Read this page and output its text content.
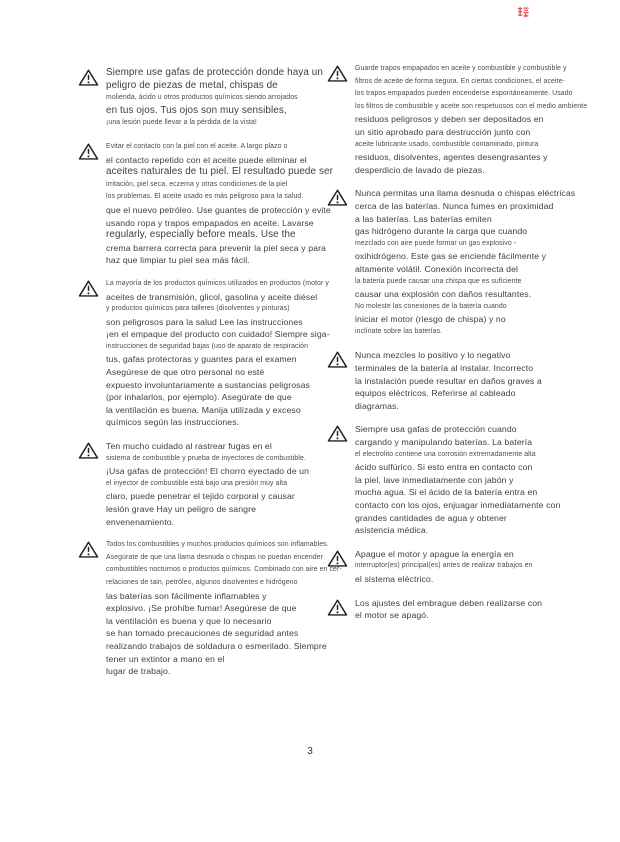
Siempre use gafas de protección donde haya un
peligro de piezas de metal, chispas de
molienda, ácido u otros productos químicos siendo arrojados
en tus ojos. Tus ojos son muy sensibles,
¡una lesión puede llevar a la pérdida de la vista!
Evitar el contacto con la piel con el aceite. A largo plazo o
el contacto repetido con el aceite puede eliminar el
aceites naturales de tu piel. El resultado puede ser
irritación, piel seca, eczema y otras condiciones de la piel
los problemas. El aceite usado es más peligroso para la salud.
que el nuevo petróleo. Use guantes de protección y evite
usando ropa y trapos empapados en aceite. Lavarse
regularly, especially before meals. Use the
crema barrera correcta para prevenir la piel seca y para
haz que limpiar tu piel sea más fácil.
La mayoría de los productos químicos utilizados en productos (motor y
aceites de transmisión, glicol, gasolina y aceite diésel
y productos químicos para talleres (disolventes y pinturas)
son peligrosos para la salud Lee las instrucciones
¡en el empaque del producto con cuidado! Siempre siga-
instrucciones de seguridad bajas (uso de aparato de respiración
tus, gafas protectoras y guantes para el examen
Asegúrese de que otro personal no esté
expuesto involuntariamente a sustancias peligrosas
(por inhalarlos, por ejemplo). Asegúrate de que
la ventilación es buena. Manija utilizada y exceso
químicos según las instrucciones.
Ten mucho cuidado al rastrear fugas en el
sistema de combustible y prueba de inyectores de combustible.
¡Usa gafas de protección! El chorro eyectado de un
el inyector de combustible está bajo una presión muy alta
claro, puede penetrar el tejido corporal y causar
lesión grave Hay un peligro de sangre
envenenamiento.
Todos los combustibles y muchos productos químicos son inflamables.
Asegúrate de que una llama desnuda o chispas no puedan encender
combustibles nocturnos o productos químicos. Combinado con aire en cer-
relaciones de tain, petróleo, algunos disolventes e hidrógeno
las baterías son fácilmente inflamables y
explosivo. ¡Se prohíbe fumar! Asegúrese de que
la ventilación es buena y que lo necesario
se han tomado precauciones de seguridad antes
realizando trabajos de soldadura o esmerilado. Siempre
tener un extintor a mano en el
lugar de trabajo.
Guarde trapos empapados en aceite y combustible y combustible y
filtros de aceite de forma segura. En ciertas condiciones, el aceite-
los trapos empapados pueden encenderse espontáneamente. Usado
los filtros de combustible y aceite son respetuosos con el medio ambiente
residuos peligrosos y deben ser depositados en
un sitio aprobado para destrucción junto con
aceite lubricante usado, combustible contaminado, pintura
residuos, disolventes, agentes desengrasantes y
desperdicio de lavado de piezas.
Nunca permitas una llama desnuda o chispas eléctricas
cerca de las baterías. Nunca fumes en proximidad
a las baterías. Las baterías emiten
gas hidrógeno durante la carga que cuando
mezclado con aire puede formar un gas explosivo -
oxihidrógeno. Este gas se enciende fácilmente y
altamente volátil. Conexión incorrecta del
la batería puede causar una chispa que es suficiente
causar una explosión con daños resultantes.
No moleste las conexiones de la batería cuando
iniciar el motor (riesgo de chispa) y no
inclínate sobre las baterías.
Nunca mezcles lo positivo y lo negativo
terminales de la batería al instalar. Incorrecto
la instalación puede resultar en daños graves a
equipos eléctricos. Referirse al cableado
diagramas.
Siempre usa gafas de protección cuando
cargando y manipulando baterías. La batería
el electrolito contiene una corrosión extremadamente alta
ácido sulfúrico. Si esto entra en contacto con
la piel, lave inmediatamente con jabón y
mucha agua. Si el ácido de la batería entra en
contacto con los ojos, enjuagar inmediatamente con
grandes cantidades de agua y obtener
asistencia médica.
Apague el motor y apague la energía en
interruptor(es) principal(es) antes de realizar trabajos en
el sistema eléctrico.
Los ajustes del embrague deben realizarse con
el motor se apagó.
3
